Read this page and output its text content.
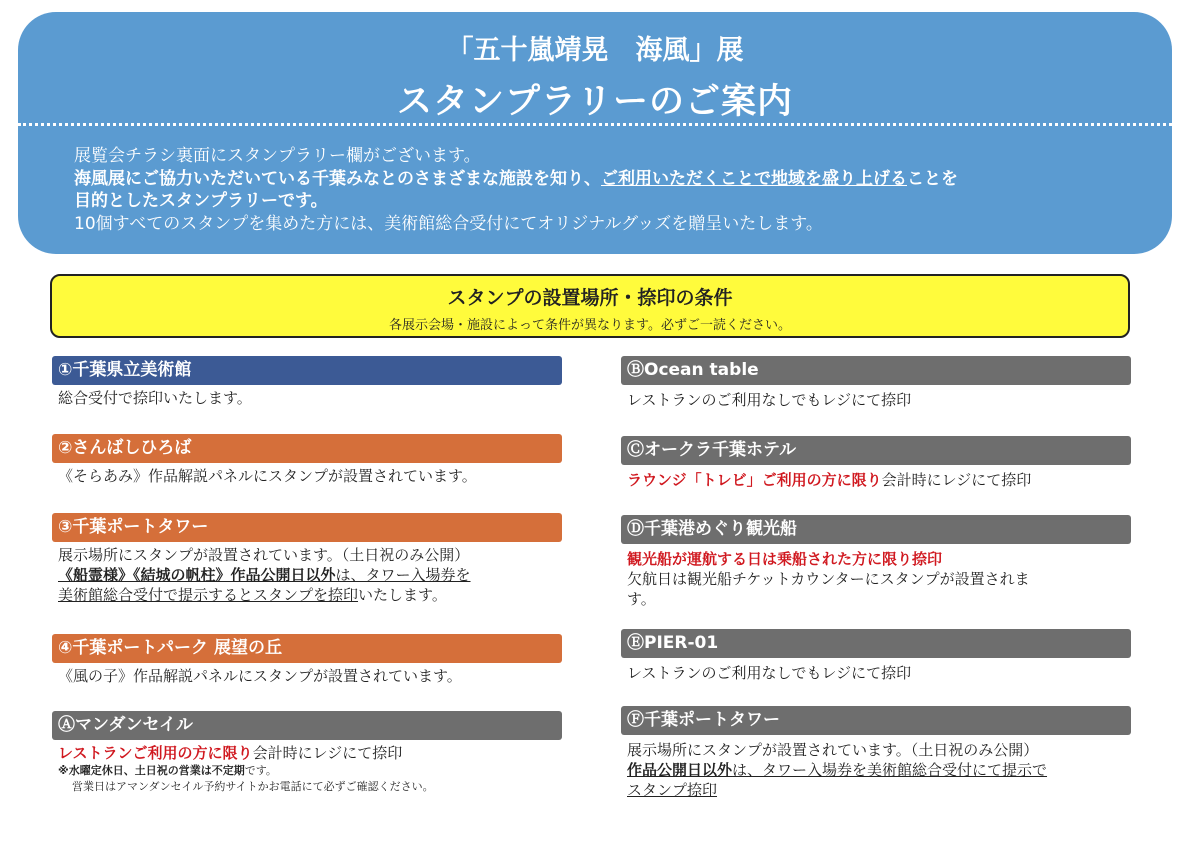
「五十嵐靖晃　海風」展
スタンプラリーのご案内
展覧会チラシ裏面にスタンプラリー欄がございます。
海風展にご協力いただいている千葉みなとのさまざまな施設を知り、ご利用いただくことで地域を盛り上げることを
目的としたスタンプラリーです。
10個すべてのスタンプを集めた方には、美術館総合受付にてオリジナルグッズを贈呈いたします。
スタンプの設置場所・捺印の条件
各展示会場・施設によって条件が異なります。必ずご一読ください。
①千葉県立美術館
総合受付で捺印いたします。
②さんばしひろば
《そらあみ》作品解説パネルにスタンプが設置されています。
③千葉ポートタワー
展示場所にスタンプが設置されています。（土日祝のみ公開）
《船霊様》《結城の帆柱》作品公開日以外は、タワー入場券を
美術館総合受付で提示するとスタンプを捺印いたします。
④千葉ポートパーク 展望の丘
《風の子》作品解説パネルにスタンプが設置されています。
Ⓐマンダンセイル
レストランご利用の方に限り会計時にレジにて捺印
※水曜定休日、土日祝の営業は不定期です。
営業日はアマンダンセイル予約サイトかお電話にて必ずご確認ください。
ⒷOcean table
レストランのご利用なしでもレジにて捺印
Ⓒオークラ千葉ホテル
ラウンジ「トレビ」ご利用の方に限り会計時にレジにて捺印
Ⓓ千葉港めぐり観光船
観光船が運航する日は乗船された方に限り捺印
欠航日は観光船チケットカウンターにスタンプが設置されま
す。
ⒺPIER-01
レストランのご利用なしでもレジにて捺印
Ⓕ千葉ポートタワー
展示場所にスタンプが設置されています。（土日祝のみ公開）
作品公開日以外は、タワー入場券を美術館総合受付にて提示で
スタンプ捺印
